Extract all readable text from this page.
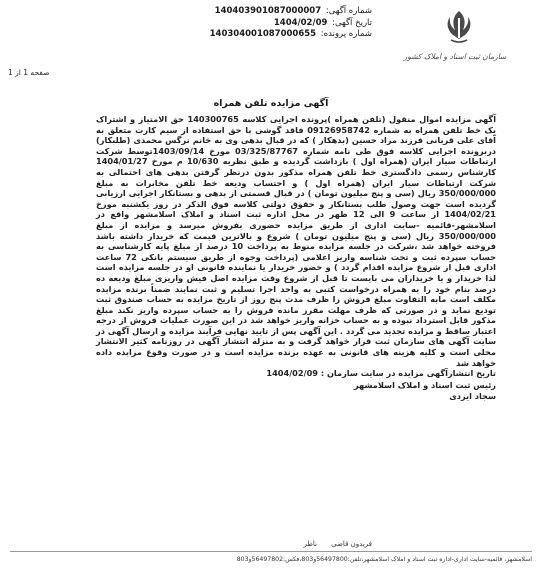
سازمان ثبت اسناد و املاک کشور
شماره آگهی: 140403901087000007
تاریخ آگهی: 1404/02/09
شماره پرونده: 140304001087000655
صفحه 1 از 1
آگهی مزایده تلفن همراه

آگهی مزایده اموال منقول (تلفن همراه )پرونده اجرایی کلاسه 140300765 حق الامتیاز و اشتراک یک خط تلفن همراه به شماره 09126958742 فاقد گوشی با حق استفاده از سیم کارت متعلق به آقای علی قربانی فرزند مراد حسین (بدهکار ) که در قبال بدهی وی به خانم نرگس محمدی (طلبکار) دربرونده اجرایی کلاسه فوق طی نامه شماره 03/325/87767 مورخ 1403/09/14توسط شرکت ارتباطات سیار ایران (همراه اول ) بازداشت گردیده و طبق نظریه 10/630 م مورخ 1404/01/27 کارشناس رسمی دادگستری خط تلفن همراه مذکور بدون درنظر گرفتن بدهی های احتمالی به شرکت ارتباطات سیار ایران (همراه اول ) و احتساب ودیعه خط تلفن مخابرات به مبلغ 350/000/000 ریال (سی و پنج میلیون تومان ) در قبال قسمتی از بدهی و بستانکار اجرایی ارزیابی گردیده است جهت وصول طلب بستانکار و حقوق دولتی کلاسه فوق الذکر در روز یکشنبه مورخ 1404/02/21 از ساعت 9 الی 12 ظهر در محل اداره ثبت اسناد و املاک اسلامشهر واقع در اسلامشهر-قائمیه -سایت اداری از طریق مزایده حضوری بفروش میرسد و مزایده از مبلغ 350/000/000 ریال (سی و پنج میلیون تومان ) شروع و بالاترین قیمت که خریدار داشته باشد فروخته خواهد شد ،شرکت در جلسه مزایده منوط به پرداخت 10 درصد از مبلغ پایه کارشناسی به حساب سپرده ثبت و تحت شناسه واریز اعلامی (پرداخت وجوه از طریق سیستم بانکی 72 ساعت اداری قبل از شروع مزایده اقدام گردد ) و حضور خریدار یا نماینده قانونی او در جلسه مزایده است لذا خریدار و یا خریداران می بایست تا قبل از شروع وقت مزایده اصل فیش واریزی مبلغ ودیعه ده درصد بنام خود را به همراه درخواست کتبی به واحد اجرا تسلیم و ثبت نمایند ضمناً برنده مزایده مکلف است مابه التفاوت مبلغ فروش را ظرف مدت پنج روز از تاریخ مزایده به حساب صندوق ثبت تودیع نماید و در صورتی که ظرف مهلت مقرر مانده فروش را به حساب سپرده واریز نکند مبلغ مذکور قابل استرداد نبوده و به حساب خزانه واریز خواهد شد در این صورت عملیات فروش از درجه اعتبار ساقط و مزایده تجدید می گردد . این آگهی پس از تایید نهایی فرآیند مزایده و ارسال آگهی در سایت آگهی های سازمان ثبت قرار خواهد گرفت و به منزله انتشار آگهی در روزنامه کثیر الانتشار محلی است و کلیه هزینه های قانونی به عهده برنده مزایده است و در صورت وقوع مزایده داده خواهد شد

تاریخ انتشارآگهی مزایده در سایت سازمان : 1404/02/09

رئیس ثبت اسناد و املاک اسلامشهر

سجاد ایزدی

فریدون قاضی
ناظر
اسلامشهر، قائمیه-سایت اداری-اداره ثبت اسناد و املاک اسلامشهر،تلفن:56497800و803،فکس:56497802و803
